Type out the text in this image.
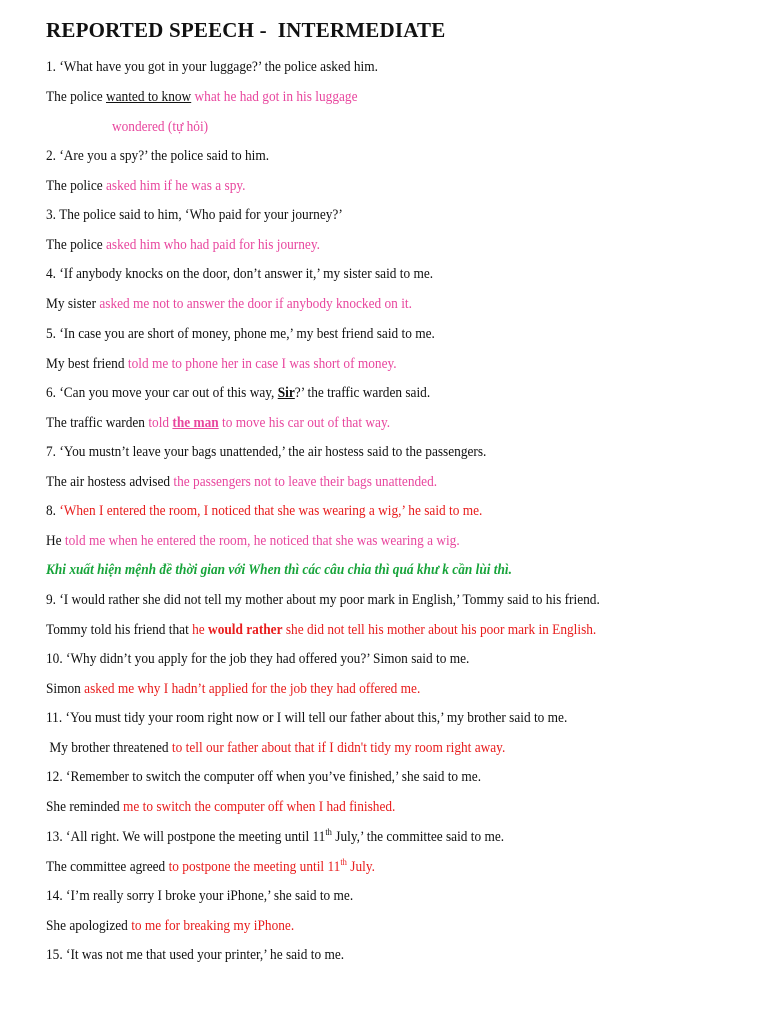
REPORTED SPEECH -  INTERMEDIATE
1. ‘What have you got in your luggage?’ the police asked him.
The police wanted to know what he had got in his luggage
wondered (tự hỏi)
2. ‘Are you a spy?’ the police said to him.
The police asked him if he was a spy.
3. The police said to him, ‘Who paid for your journey?’
The police asked him who had paid for his journey.
4. ‘If anybody knocks on the door, don’t answer it,’ my sister said to me.
My sister asked me not to answer the door if anybody knocked on it.
5. ‘In case you are short of money, phone me,’ my best friend said to me.
My best friend told me to phone her in case I was short of money.
6. ‘Can you move your car out of this way, Sir?’ the traffic warden said.
The traffic warden told the man to move his car out of that way.
7. ‘You mustn’t leave your bags unattended,’ the air hostess said to the passengers.
The air hostess advised the passengers not to leave their bags unattended.
8. ‘When I entered the room, I noticed that she was wearing a wig,’ he said to me.
He told me when he entered the room, he noticed that she was wearing a wig.
Khi xuất hiện mệnh đề thời gian với When thì các câu chia thì quá khư k cần lùi thì.
9. ‘I would rather she did not tell my mother about my poor mark in English,’ Tommy said to his friend.
Tommy told his friend that he would rather she did not tell his mother about his poor mark in English.
10. ‘Why didn’t you apply for the job they had offered you?’ Simon said to me.
Simon asked me why I hadn’t applied for the job they had offered me.
11. ‘You must tidy your room right now or I will tell our father about this,’ my brother said to me.
My brother threatened to tell our father about that if I didn't tidy my room right away.
12. ‘Remember to switch the computer off when you’ve finished,’ she said to me.
She reminded me to switch the computer off when I had finished.
13. ‘All right. We will postpone the meeting until 11th July,’ the committee said to me.
The committee agreed to postpone the meeting until 11th July.
14. ‘I’m really sorry I broke your iPhone,’ she said to me.
She apologized to me for breaking my iPhone.
15. ‘It was not me that used your printer,’ he said to me.
